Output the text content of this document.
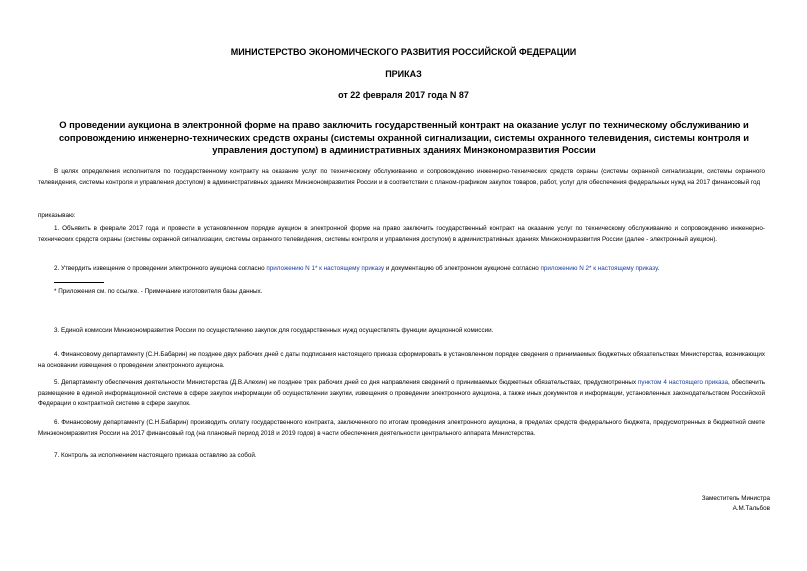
МИНИСТЕРСТВО ЭКОНОМИЧЕСКОГО РАЗВИТИЯ РОССИЙСКОЙ ФЕДЕРАЦИИ
ПРИКАЗ
от 22 февраля 2017 года N 87
О проведении аукциона в электронной форме на право заключить государственный контракт на оказание услуг по техническому обслуживанию и сопровождению инженерно-технических средств охраны (системы охранной сигнализации, системы охранного телевидения, системы контроля и управления доступом) в административных зданиях Минэкономразвития России
В целях определения исполнителя по государственному контракту на оказание услуг по техническому обслуживанию и сопровождению инженерно-технических средств охраны (системы охранной сигнализации, системы охранного телевидения, системы контроля и управления доступом) в административных зданиях Минэкономразвития России и в соответствии с планом-графиком закупок товаров, работ, услуг для обеспечения федеральных нужд на 2017 финансовый год
приказываю:
1. Объявить в феврале 2017 года и провести в установленном порядке аукцион в электронной форме на право заключить государственный контракт на оказание услуг по техническому обслуживанию и сопровождению инженерно-технических средств охраны (системы охранной сигнализации, системы охранного телевидения, системы контроля и управления доступом) в административных зданиях Минэкономразвития России (далее - электронный аукцион).
2. Утвердить извещение о проведении электронного аукциона согласно приложению N 1* к настоящему приказу и документацию об электронном аукционе согласно приложению N 2* к настоящему приказу.
* Приложения см. по ссылке. - Примечание изготовителя базы данных.
3. Единой комиссии Минэкономразвития России по осуществлению закупок для государственных нужд осуществлять функции аукционной комиссии.
4. Финансовому департаменту (С.Н.Бабарин) не позднее двух рабочих дней с даты подписания настоящего приказа сформировать в установленном порядке сведения о принимаемых бюджетных обязательствах Министерства, возникающих на основании извещения о проведении электронного аукциона.
5. Департаменту обеспечения деятельности Министерства (Д.В.Алехин) не позднее трех рабочих дней со дня направления сведений о принимаемых бюджетных обязательствах, предусмотренных пунктом 4 настоящего приказа, обеспечить размещение в единой информационной системе в сфере закупок информации об осуществлении закупки, извещения о проведении электронного аукциона, а также иных документов и информации, установленных законодательством Российской Федерации о контрактной системе в сфере закупок.
6. Финансовому департаменту (С.Н.Бабарин) производить оплату государственного контракта, заключенного по итогам проведения электронного аукциона, в пределах средств федерального бюджета, предусмотренных в бюджетной смете Минэкономразвития России на 2017 финансовый год (на плановый период 2018 и 2019 годов) в части обеспечения деятельности центрального аппарата Министерства.
7. Контроль за исполнением настоящего приказа оставляю за собой.
Заместитель Министра
А.М.Тальбов
